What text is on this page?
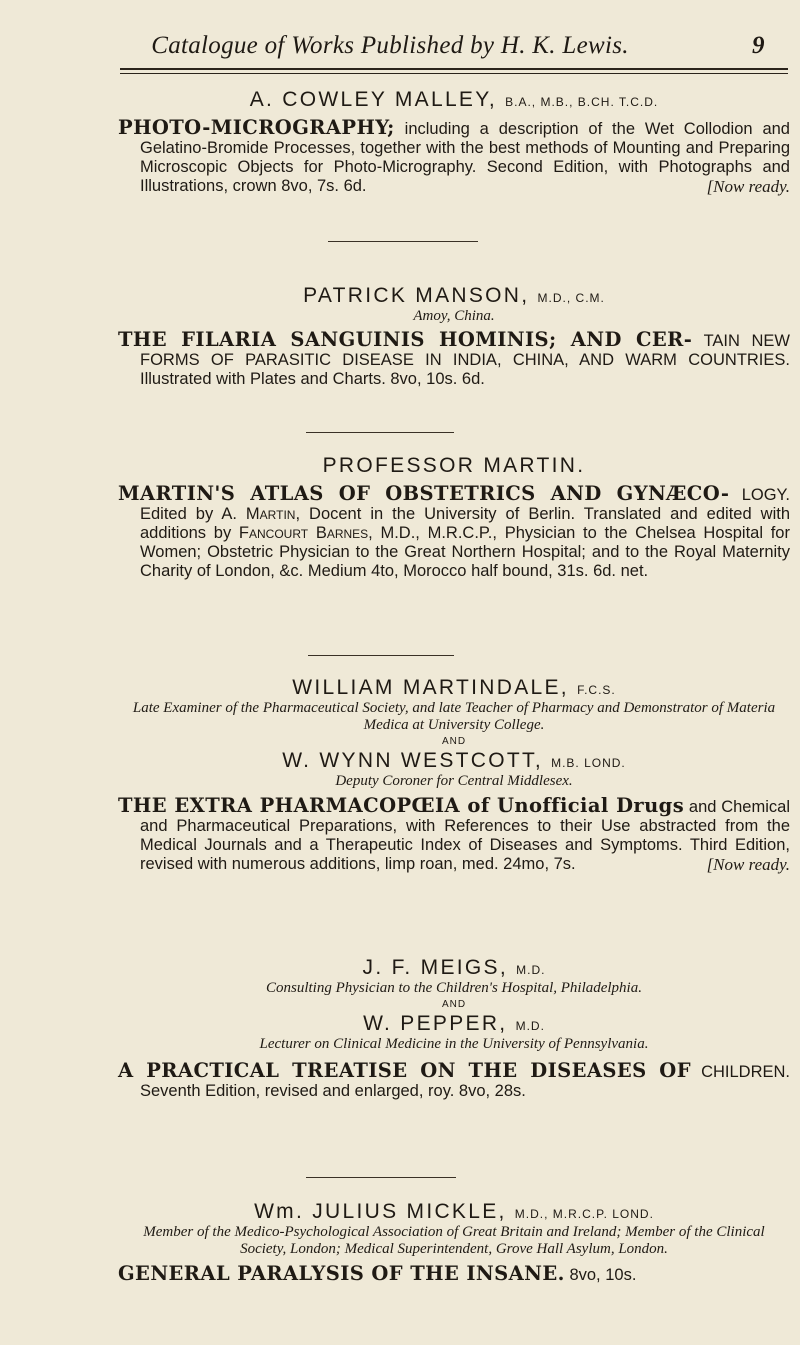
Catalogue of Works Published by H. K. Lewis.	9
A. COWLEY MALLEY, B.A., M.B., B.CH. T.C.D.
PHOTO-MICROGRAPHY; including a description of the Wet Collodion and Gelatino-Bromide Processes, together with the best methods of Mounting and Preparing Microscopic Objects for Photo-Micrography. Second Edition, with Photographs and Illustrations, crown 8vo, 7s. 6d.	[Now ready.
PATRICK MANSON, M.D., C.M.
Amoy, China.
THE FILARIA SANGUINIS HOMINIS; AND CER- TAIN NEW FORMS OF PARASITIC DISEASE IN INDIA, CHINA, AND WARM COUNTRIES. Illustrated with Plates and Charts. 8vo, 10s. 6d.
PROFESSOR MARTIN.
MARTIN'S ATLAS OF OBSTETRICS AND GYNÆCO- LOGY. Edited by A. Martin, Docent in the University of Berlin. Translated and edited with additions by Fancourt Barnes, M.D., M.R.C.P., Physician to the Chelsea Hospital for Women; Obstetric Physician to the Great Northern Hospital; and to the Royal Maternity Charity of London, &c. Medium 4to, Morocco half bound, 31s. 6d. net.
WILLIAM MARTINDALE, F.C.S.
Late Examiner of the Pharmaceutical Society, and late Teacher of Pharmacy and Demonstrator of Materia Medica at University College.
AND
W. WYNN WESTCOTT, M.B. LOND.
Deputy Coroner for Central Middlesex.
THE EXTRA PHARMACOPŒIA of Unofficial Drugs and Chemical and Pharmaceutical Preparations, with References to their Use abstracted from the Medical Journals and a Therapeutic Index of Diseases and Symptoms. Third Edition, revised with numerous additions, limp roan, med. 24mo, 7s.	[Now ready.
J. F. MEIGS, M.D.
Consulting Physician to the Children's Hospital, Philadelphia.
AND
W. PEPPER, M.D.
Lecturer on Clinical Medicine in the University of Pennsylvania.
A PRACTICAL TREATISE ON THE DISEASES OF CHILDREN. Seventh Edition, revised and enlarged, roy. 8vo, 28s.
Wm. JULIUS MICKLE, M.D., M.R.C.P. LOND.
Member of the Medico-Psychological Association of Great Britain and Ireland; Member of the Clinical Society, London; Medical Superintendent, Grove Hall Asylum, London.
GENERAL PARALYSIS OF THE INSANE. 8vo, 10s.
